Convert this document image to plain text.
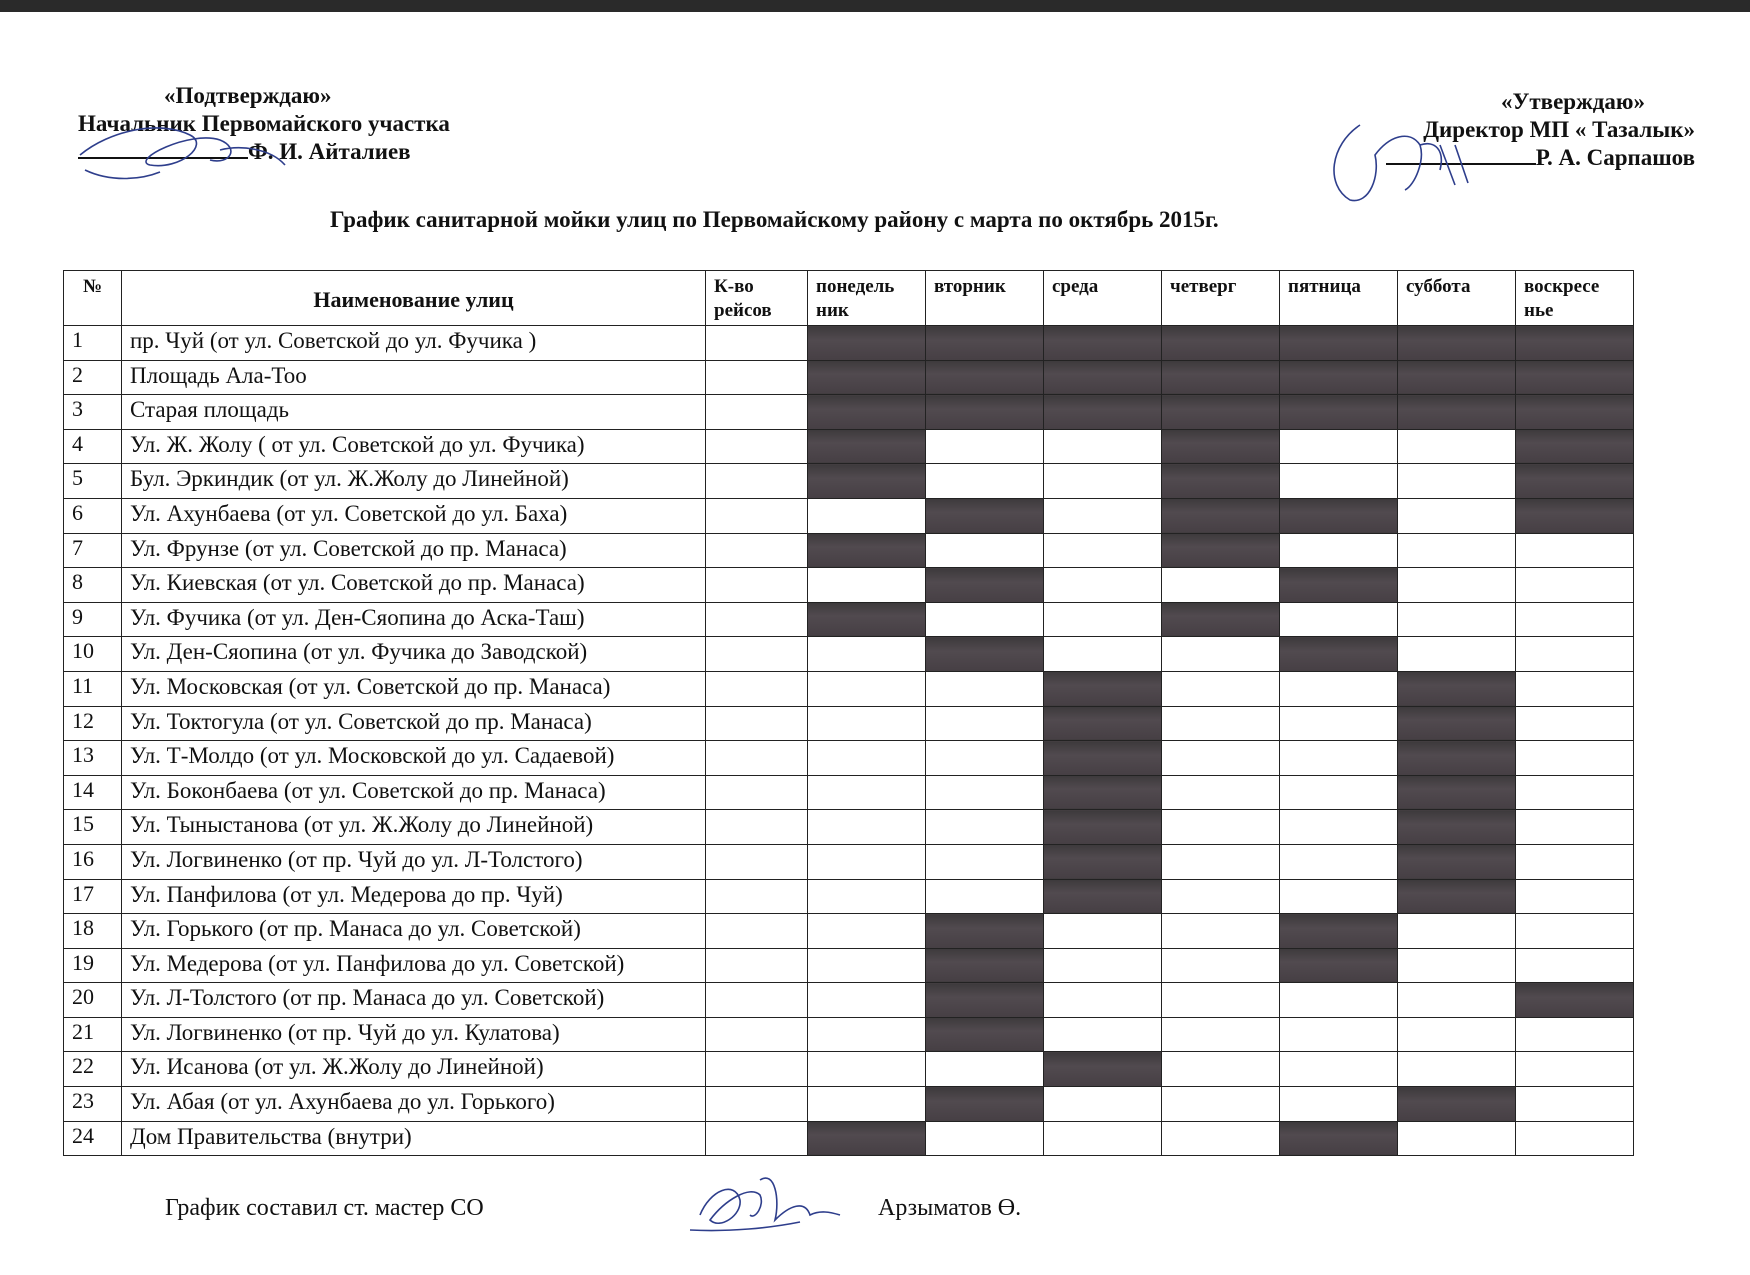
«Подтверждаю»
Начальник Первомайского участка
Ф. И. Айталиев
«Утверждаю»
Директор МП « Тазалык»
Р. А. Сарпашов
График санитарной мойки улиц по Первомайскому району с марта по октябрь 2015г.
№	Наименование улиц	К-во рейсов	понедель ник	вторник	среда	четверг	пятница	суббота	воскресе нье
1	пр. Чуй (от ул. Советской до ул. Фучика )								
2	Площадь Ала-Тоо								
3	Старая площадь								
4	Ул. Ж. Жолу ( от ул. Советской до ул. Фучика)								
5	Бул. Эркиндик (от ул. Ж.Жолу до Линейной)								
6	Ул. Ахунбаева (от ул. Советской до ул. Баха)								
7	Ул. Фрунзе (от ул. Советской до пр. Манаса)								
8	Ул. Киевская (от ул. Советской до пр. Манаса)								
9	Ул. Фучика (от ул. Ден-Сяопина до Аска-Таш)								
10	Ул. Ден-Сяопина (от ул. Фучика до Заводской)								
11	Ул. Московская (от ул. Советской до пр. Манаса)								
12	Ул. Токтогула (от ул. Советской до пр. Манаса)								
13	Ул. Т-Молдо (от ул. Московской до ул. Садаевой)								
14	Ул. Боконбаева (от ул. Советской до пр. Манаса)								
15	Ул. Тыныстанова (от ул. Ж.Жолу до Линейной)								
16	Ул. Логвиненко (от пр. Чуй до ул. Л-Толстого)								
17	Ул. Панфилова (от ул. Медерова до пр. Чуй)								
18	Ул. Горького (от пр. Манаса до ул. Советской)								
19	Ул. Медерова (от ул. Панфилова до ул. Советской)								
20	Ул. Л-Толстого (от пр. Манаса до ул. Советской)								
21	Ул. Логвиненко (от пр. Чуй до ул. Кулатова)								
22	Ул. Исанова (от ул. Ж.Жолу до Линейной)								
23	Ул. Абая (от ул. Ахунбаева до ул. Горького)								
24	Дом Правительства (внутри)								
График составил ст. мастер СО	Арзыматов Ө.
